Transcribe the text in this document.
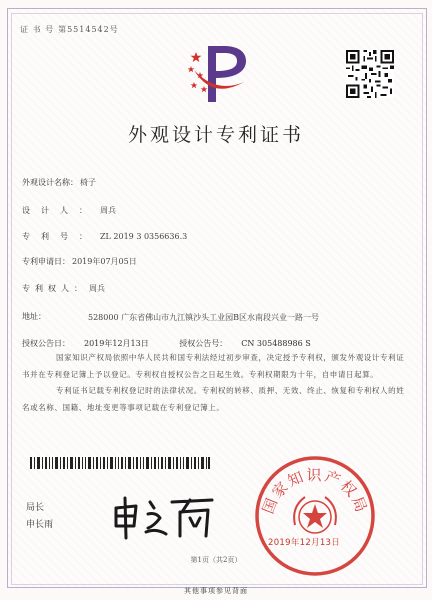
证 书 号 第5514542号
外观设计专利证书
外观设计名称： 椅子
设计人： 周兵
专利号： ZL 2019 3 0356636.3
专利申请日： 2019年07月05日
专利权人： 周兵
地址：	528000 广东省佛山市九江镇沙头工业园B区水南段兴业一路一号
授权公告日： 2019年12月13日	授权公告号： CN 305488986 S

国家知识产权局依照中华人民共和国专利法经过初步审查，决定授予专利权，颁发外观设计专利证书并在专利登记簿上予以登记。专利权自授权公告之日起生效。专利权期限为十年，自申请日起算。

专利证书记载专利权登记时的法律状况。专利权的转移、质押、无效、终止、恢复和专利权人的姓名或名称、国籍、地址变更等事项记载在专利登记簿上。

局长
申长雨
国家知识产权局
2019年12月13日
第1页（共2页）
其他事项参见背面
